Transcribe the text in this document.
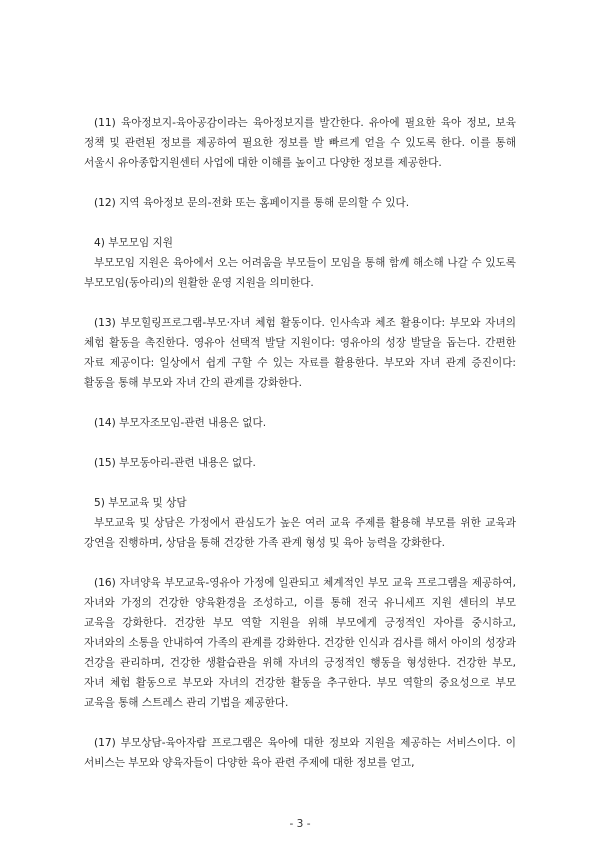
(11) 육아정보지-육아공감이라는 육아정보지를 발간한다. 유아에 필요한 육아 정보, 보육 정책 및 관련된 정보를 제공하여 필요한 정보를 발 빠르게 얻을 수 있도록 한다. 이를 통해 서울시 유아종합지원센터 사업에 대한 이해를 높이고 다양한 정보를 제공한다.

(12) 지역 육아정보 문의-전화 또는 홈페이지를 통해 문의할 수 있다.

4) 부모모임 지원

부모모임 지원은 육아에서 오는 어려움을 부모들이 모임을 통해 함께 해소해 나갈 수 있도록 부모모임(동아리)의 원활한 운영 지원을 의미한다.

(13) 부모힐링프로그램-부모·자녀 체험 활동이다. 인사속과 체조 활용이다: 부모와 자녀의 체험 활동을 촉진한다. 영유아 선택적 발달 지원이다: 영유아의 성장 발달을 돕는다. 간편한 자료 제공이다: 일상에서 쉽게 구할 수 있는 자료를 활용한다. 부모와 자녀 관계 증진이다: 활동을 통해 부모와 자녀 간의 관계를 강화한다.

(14) 부모자조모임-관련 내용은 없다.

(15) 부모동아리-관련 내용은 없다.

5) 부모교육 및 상담

부모교육 및 상담은 가정에서 관심도가 높은 여러 교육 주제를 활용해 부모를 위한 교육과 강연을 진행하며, 상담을 통해 건강한 가족 관계 형성 및 육아 능력을 강화한다.

(16) 자녀양육 부모교육-영유아 가정에 일관되고 체계적인 부모 교육 프로그램을 제공하여, 자녀와 가정의 건강한 양육환경을 조성하고, 이를 통해 전국 유니세프 지원 센터의 부모 교육을 강화한다. 건강한 부모 역할 지원을 위해 부모에게 긍정적인 자아를 중시하고, 자녀와의 소통을 안내하여 가족의 관계를 강화한다. 건강한 인식과 검사를 해서 아이의 성장과 건강을 관리하며, 건강한 생활습관을 위해 자녀의 긍정적인 행동을 형성한다. 건강한 부모, 자녀 체험 활동으로 부모와 자녀의 건강한 활동을 추구한다. 부모 역할의 중요성으로 부모 교육을 통해 스트레스 관리 기법을 제공한다.

(17) 부모상담-육아자람 프로그램은 육아에 대한 정보와 지원을 제공하는 서비스이다. 이 서비스는 부모와 양육자들이 다양한 육아 관련 주제에 대한 정보를 얻고,

- 3 -
